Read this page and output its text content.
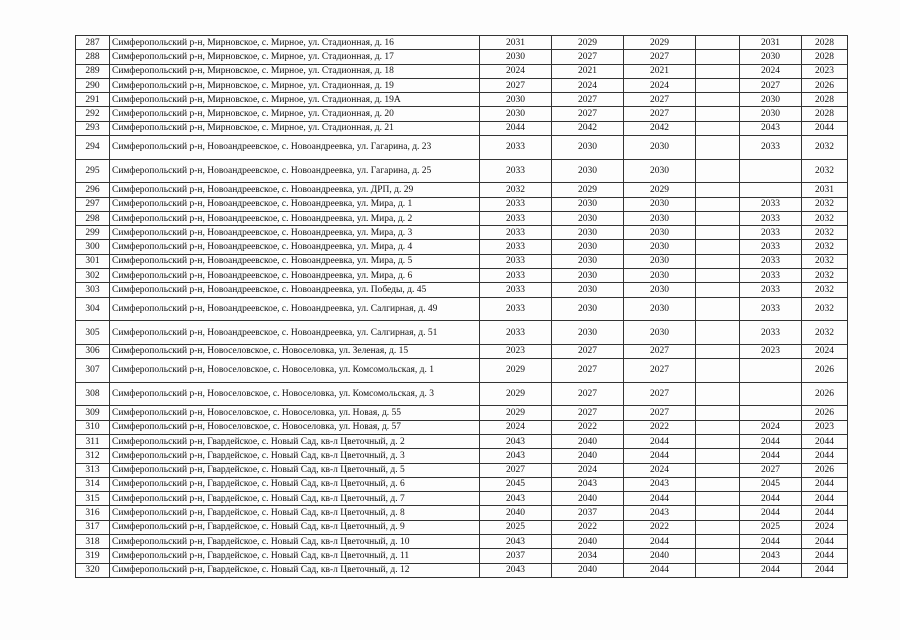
287	Симферопольский р-н, Мирновское, с. Мирное, ул. Стадионная, д. 16	2031	2029	2029		2031	2028
288	Симферопольский р-н, Мирновское, с. Мирное, ул. Стадионная, д. 17	2030	2027	2027		2030	2028
289	Симферопольский р-н, Мирновское, с. Мирное, ул. Стадионная, д. 18	2024	2021	2021		2024	2023
290	Симферопольский р-н, Мирновское, с. Мирное, ул. Стадионная, д. 19	2027	2024	2024		2027	2026
291	Симферопольский р-н, Мирновское, с. Мирное, ул. Стадионная, д. 19А	2030	2027	2027		2030	2028
292	Симферопольский р-н, Мирновское, с. Мирное, ул. Стадионная, д. 20	2030	2027	2027		2030	2028
293	Симферопольский р-н, Мирновское, с. Мирное, ул. Стадионная, д. 21	2044	2042	2042		2043	2044
294	Симферопольский р-н, Новоандреевское, с. Новоандреевка, ул. Гагарина, д. 23	2033	2030	2030		2033	2032
295	Симферопольский р-н, Новоандреевское, с. Новоандреевка, ул. Гагарина, д. 25	2033	2030	2030			2032
296	Симферопольский р-н, Новоандреевское, с. Новоандреевка, ул. ДРП, д. 29	2032	2029	2029			2031
297	Симферопольский р-н, Новоандреевское, с. Новоандреевка, ул. Мира, д. 1	2033	2030	2030		2033	2032
298	Симферопольский р-н, Новоандреевское, с. Новоандреевка, ул. Мира, д. 2	2033	2030	2030		2033	2032
299	Симферопольский р-н, Новоандреевское, с. Новоандреевка, ул. Мира, д. 3	2033	2030	2030		2033	2032
300	Симферопольский р-н, Новоандреевское, с. Новоандреевка, ул. Мира, д. 4	2033	2030	2030		2033	2032
301	Симферопольский р-н, Новоандреевское, с. Новоандреевка, ул. Мира, д. 5	2033	2030	2030		2033	2032
302	Симферопольский р-н, Новоандреевское, с. Новоандреевка, ул. Мира, д. 6	2033	2030	2030		2033	2032
303	Симферопольский р-н, Новоандреевское, с. Новоандреевка, ул. Победы, д. 45	2033	2030	2030		2033	2032
304	Симферопольский р-н, Новоандреевское, с. Новоандреевка, ул. Салгирная, д. 49	2033	2030	2030		2033	2032
305	Симферопольский р-н, Новоандреевское, с. Новоандреевка, ул. Салгирная, д. 51	2033	2030	2030		2033	2032
306	Симферопольский р-н, Новоселовское, с. Новоселовка, ул. Зеленая, д. 15	2023	2027	2027		2023	2024
307	Симферопольский р-н, Новоселовское, с. Новоселовка, ул. Комсомольская, д. 1	2029	2027	2027			2026
308	Симферопольский р-н, Новоселовское, с. Новоселовка, ул. Комсомольская, д. 3	2029	2027	2027			2026
309	Симферопольский р-н, Новоселовское, с. Новоселовка, ул. Новая, д. 55	2029	2027	2027			2026
310	Симферопольский р-н, Новоселовское, с. Новоселовка, ул. Новая, д. 57	2024	2022	2022		2024	2023
311	Симферопольский р-н, Гвардейское, с. Новый Сад, кв-л Цветочный, д. 2	2043	2040	2044		2044	2044
312	Симферопольский р-н, Гвардейское, с. Новый Сад, кв-л Цветочный, д. 3	2043	2040	2044		2044	2044
313	Симферопольский р-н, Гвардейское, с. Новый Сад, кв-л Цветочный, д. 5	2027	2024	2024		2027	2026
314	Симферопольский р-н, Гвардейское, с. Новый Сад, кв-л Цветочный, д. 6	2045	2043	2043		2045	2044
315	Симферопольский р-н, Гвардейское, с. Новый Сад, кв-л Цветочный, д. 7	2043	2040	2044		2044	2044
316	Симферопольский р-н, Гвардейское, с. Новый Сад, кв-л Цветочный, д. 8	2040	2037	2043		2044	2044
317	Симферопольский р-н, Гвардейское, с. Новый Сад, кв-л Цветочный, д. 9	2025	2022	2022		2025	2024
318	Симферопольский р-н, Гвардейское, с. Новый Сад, кв-л Цветочный, д. 10	2043	2040	2044		2044	2044
319	Симферопольский р-н, Гвардейское, с. Новый Сад, кв-л Цветочный, д. 11	2037	2034	2040		2043	2044
320	Симферопольский р-н, Гвардейское, с. Новый Сад, кв-л Цветочный, д. 12	2043	2040	2044		2044	2044
